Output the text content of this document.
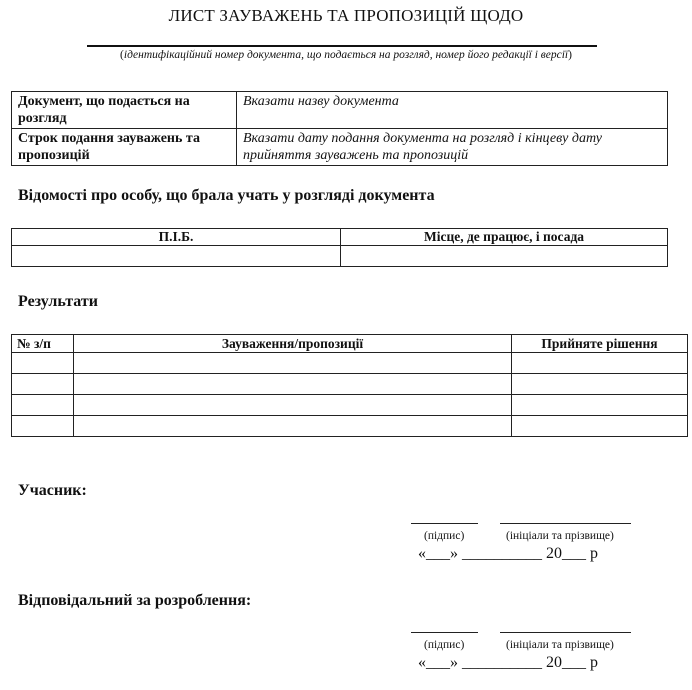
ЛИСТ ЗАУВАЖЕНЬ ТА ПРОПОЗИЦІЙ ЩОДО
(ідентифікаційний номер документа, що подається на розгляд, номер його редакції і версії)
Документ, що подається на розгляд	Вказати назву документа
Строк подання зауважень та пропозицій	Вказати дату подання документа на розгляд і кінцеву дату прийняття зауважень та пропозицій
Відомості про особу, що брала учать у розгляді документа
П.І.Б.	Місце, де працює, і посада

Результати
№ з/п	Зауваження/пропозиції	Прийняте рішення

Учасник:
(підпис)	(ініціали та прізвище)
«___» __________ 20___ р
Відповідальний за розроблення:
(підпис)	(ініціали та прізвище)
«___» __________ 20___ р
